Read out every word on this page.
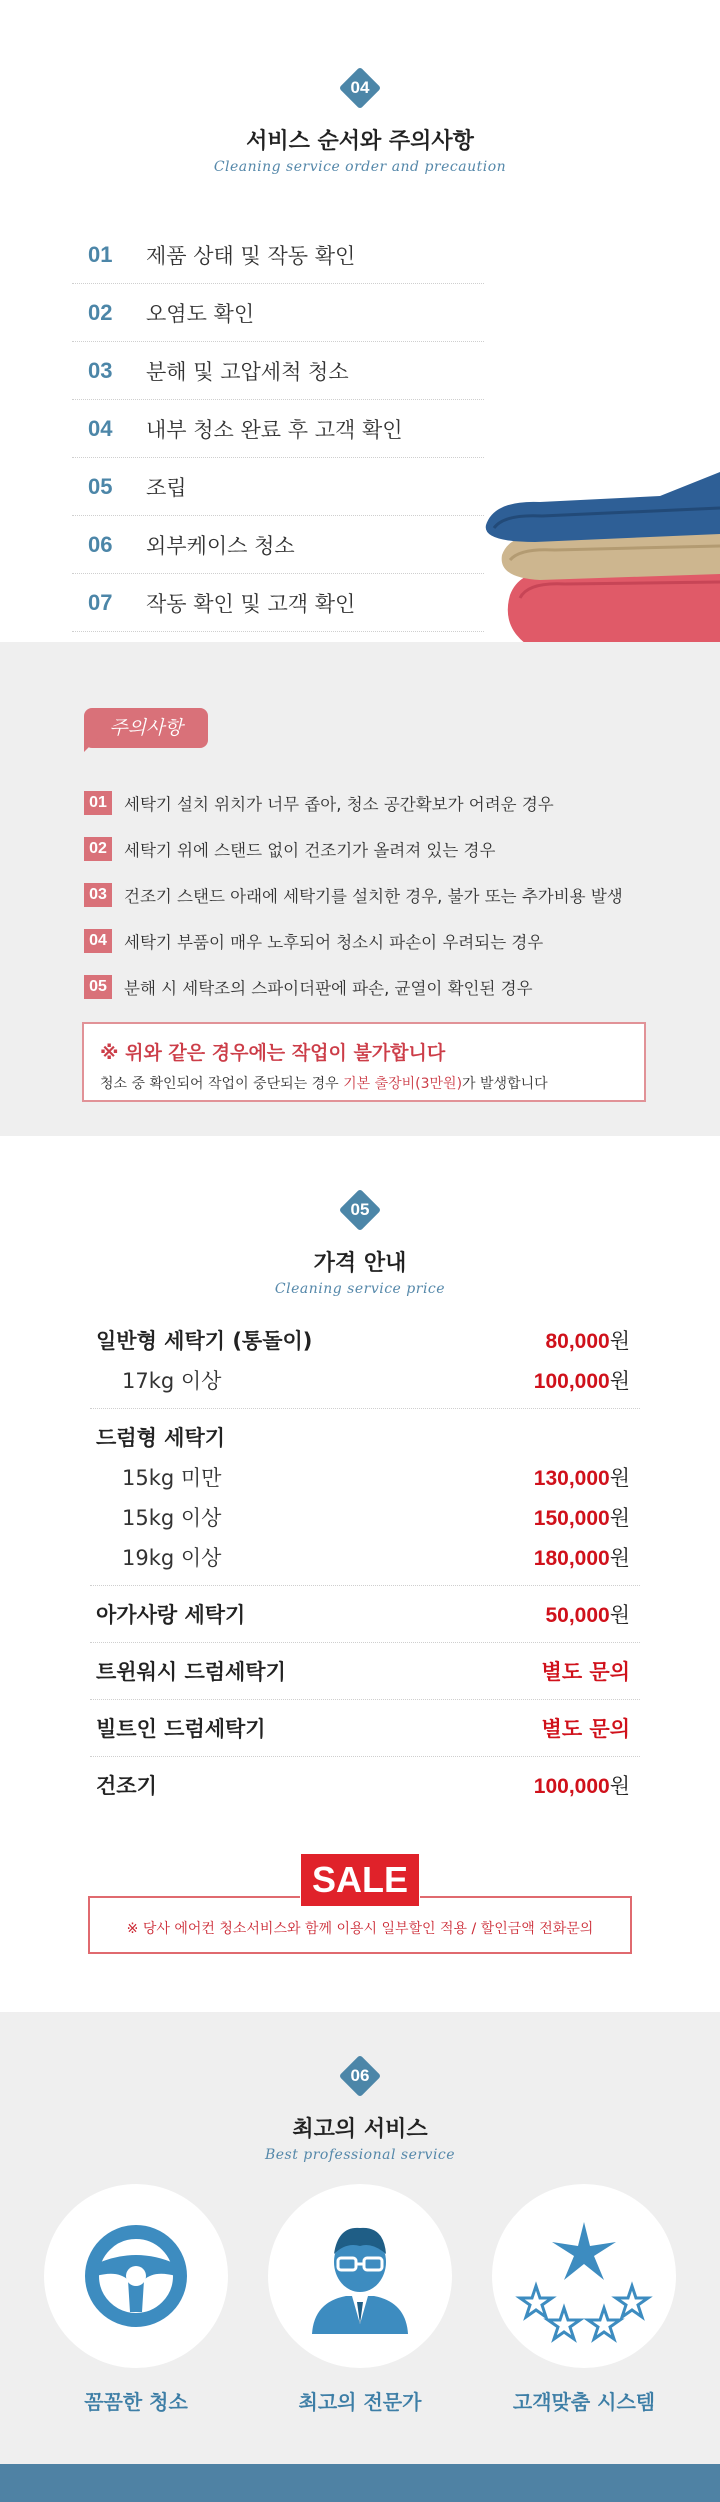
04
서비스 순서와 주의사항
Cleaning service order and precaution
01	제품 상태 및 작동 확인
02	오염도 확인
03	분해 및 고압세척 청소
04	내부 청소 완료 후 고객 확인
05	조립
06	외부케이스 청소
07	작동 확인 및 고객 확인
주의사항
01	세탁기 설치 위치가 너무 좁아, 청소 공간확보가 어려운 경우
02	세탁기 위에 스탠드 없이 건조기가 올려져 있는 경우
03	건조기 스탠드 아래에 세탁기를 설치한 경우, 불가 또는 추가비용 발생
04	세탁기 부품이 매우 노후되어 청소시 파손이 우려되는 경우
05	분해 시 세탁조의 스파이더판에 파손, 균열이 확인된 경우
※ 위와 같은 경우에는 작업이 불가합니다
청소 중 확인되어 작업이 중단되는 경우 기본 출장비(3만원)가 발생합니다
05
가격 안내
Cleaning service price
일반형 세탁기 (통돌이)	80,000원
17kg 이상	100,000원
드럼형 세탁기
15kg 미만	130,000원
15kg 이상	150,000원
19kg 이상	180,000원
아가사랑 세탁기	50,000원
트윈워시 드럼세탁기	별도 문의
빌트인 드럼세탁기	별도 문의
건조기	100,000원
※ 당사 에어컨 청소서비스와 함께 이용시 일부할인 적용 / 할인금액 전화문의
SALE
06
최고의 서비스
Best professional service
꼼꼼한 청소	최고의 전문가	고객맞춤 시스템
